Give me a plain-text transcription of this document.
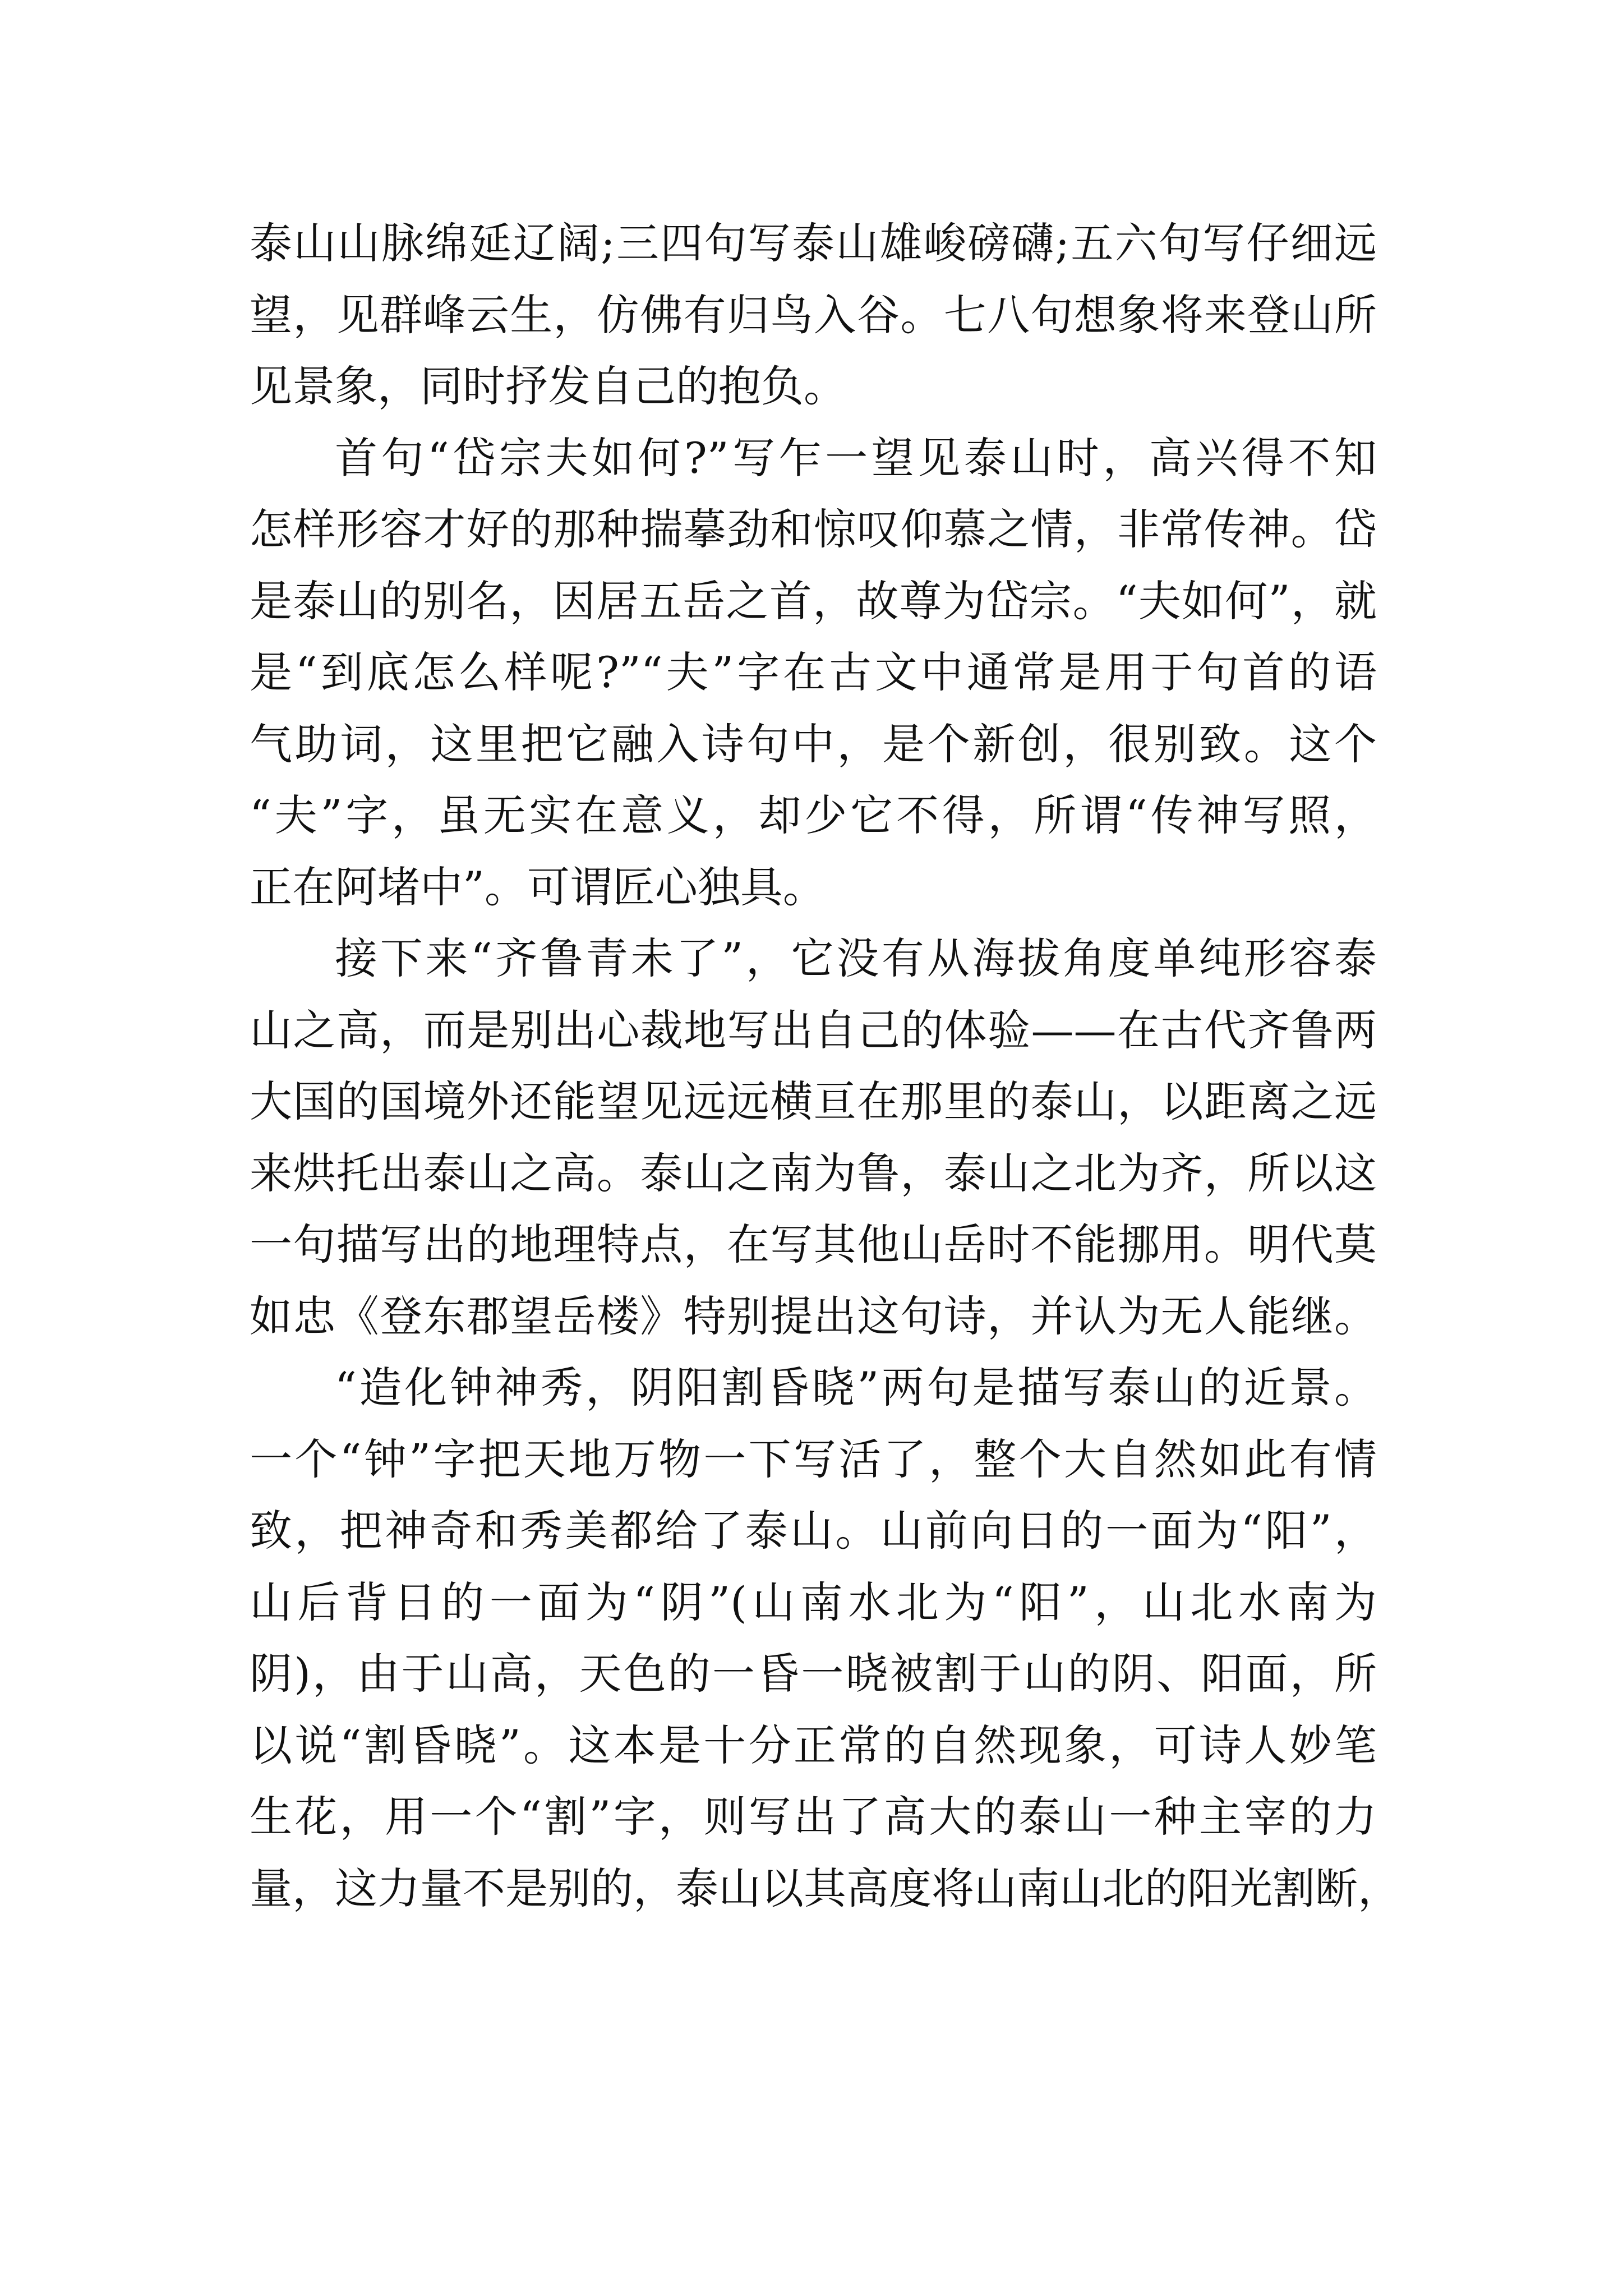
泰山山脉绵延辽阔;三四句写泰山雄峻磅礴;五六句写仔细远
望，见群峰云生，仿佛有归鸟入谷。七八句想象将来登山所
见景象，同时抒发自己的抱负。
首句“岱宗夫如何?”写乍一望见泰山时，高兴得不知
怎样形容才好的那种揣摹劲和惊叹仰慕之情，非常传神。岱
是泰山的别名，因居五岳之首，故尊为岱宗。“夫如何”，就
是“到底怎么样呢?”“夫”字在古文中通常是用于句首的语
气助词，这里把它融入诗句中，是个新创，很别致。这个
“夫”字，虽无实在意义，却少它不得，所谓“传神写照，
正在阿堵中”。可谓匠心独具。
接下来“齐鲁青未了”，它没有从海拔角度单纯形容泰
山之高，而是别出心裁地写出自己的体验——在古代齐鲁两
大国的国境外还能望见远远横亘在那里的泰山，以距离之远
来烘托出泰山之高。泰山之南为鲁，泰山之北为齐，所以这
一句描写出的地理特点，在写其他山岳时不能挪用。明代莫
如忠《登东郡望岳楼》特别提出这句诗，并认为无人能继。
“造化钟神秀，阴阳割昏晓”两句是描写泰山的近景。
一个“钟”字把天地万物一下写活了，整个大自然如此有情
致，把神奇和秀美都给了泰山。山前向日的一面为“阳”，
山后背日的一面为“阴”(山南水北为“阳”，山北水南为
阴)，由于山高，天色的一昏一晓被割于山的阴、阳面，所
以说“割昏晓”。这本是十分正常的自然现象，可诗人妙笔
生花，用一个“割”字，则写出了高大的泰山一种主宰的力
量，这力量不是别的，泰山以其高度将山南山北的阳光割断，
